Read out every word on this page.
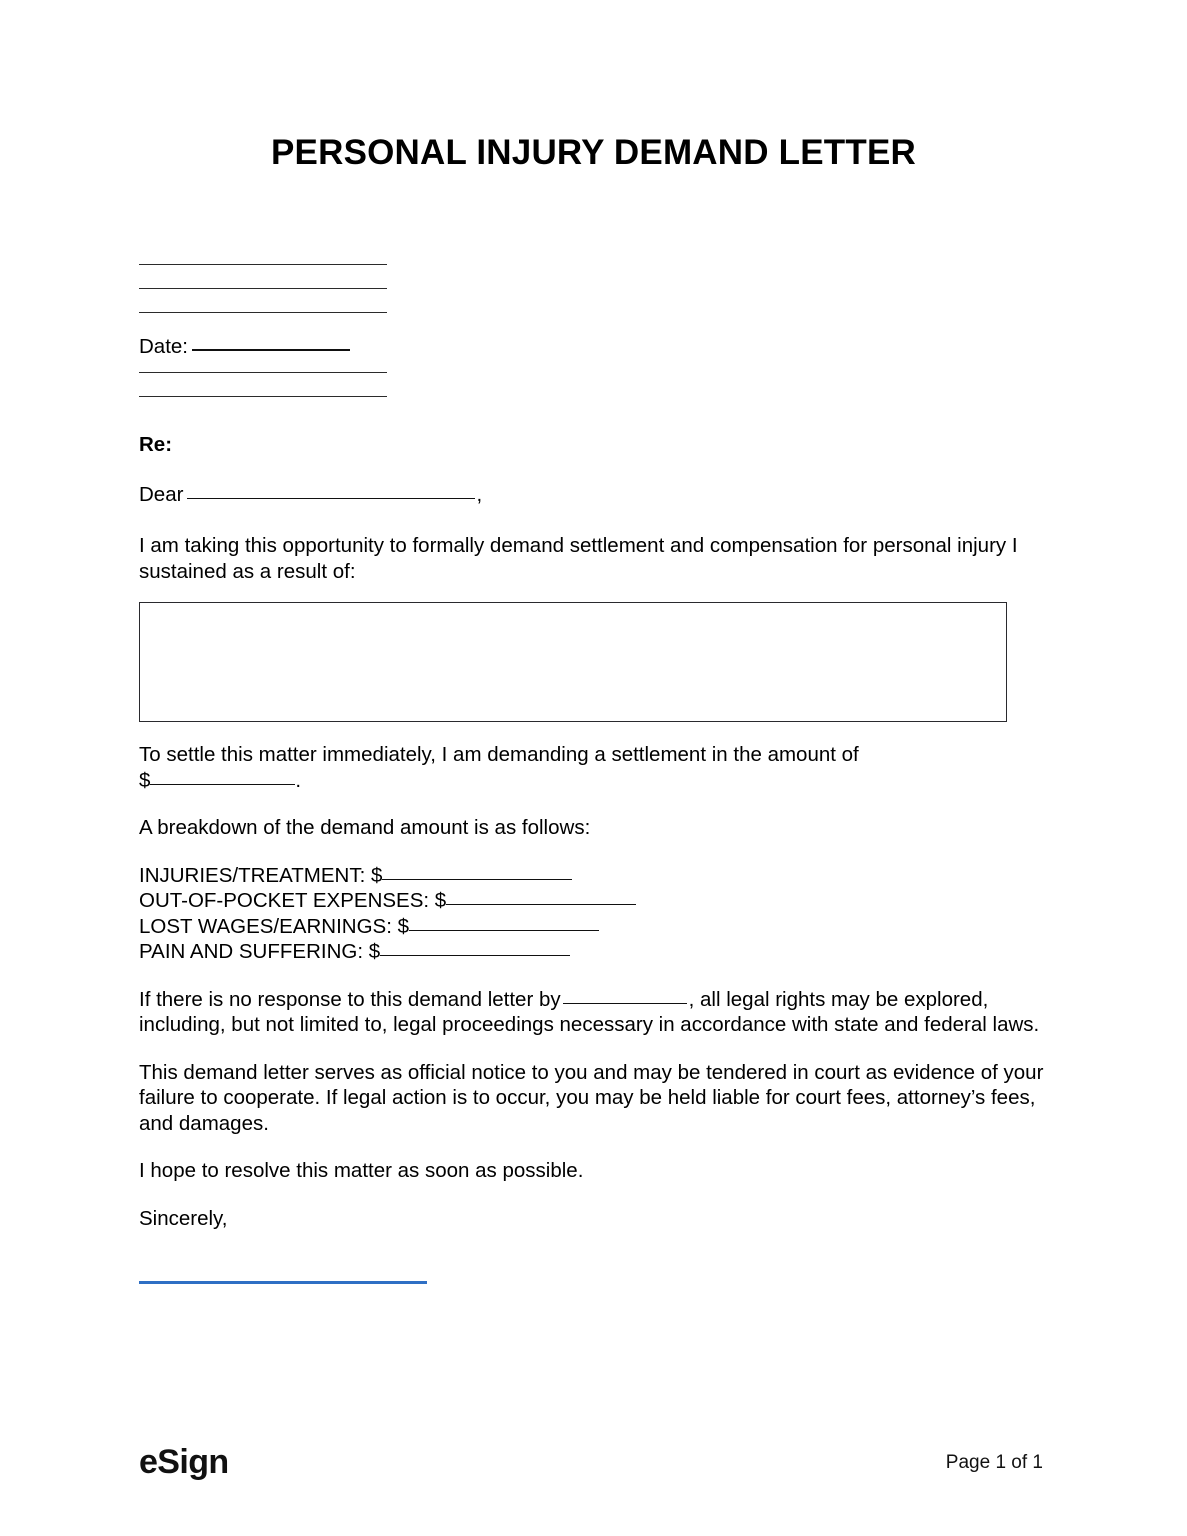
PERSONAL INJURY DEMAND LETTER
Date:
Re:
Dear	,

I am taking this opportunity to formally demand settlement and compensation for personal injury I sustained as a result of:

To settle this matter immediately, I am demanding a settlement in the amount of
$	.

A breakdown of the demand amount is as follows:

INJURIES/TREATMENT: $
OUT-OF-POCKET EXPENSES: $
LOST WAGES/EARNINGS: $
PAIN AND SUFFERING: $

If there is no response to this demand letter by	, all legal rights may be explored, including, but not limited to, legal proceedings necessary in accordance with state and federal laws.

This demand letter serves as official notice to you and may be tendered in court as evidence of your failure to cooperate. If legal action is to occur, you may be held liable for court fees, attorney’s fees, and damages.

I hope to resolve this matter as soon as possible.

Sincerely,

eSign	Page 1 of 1
